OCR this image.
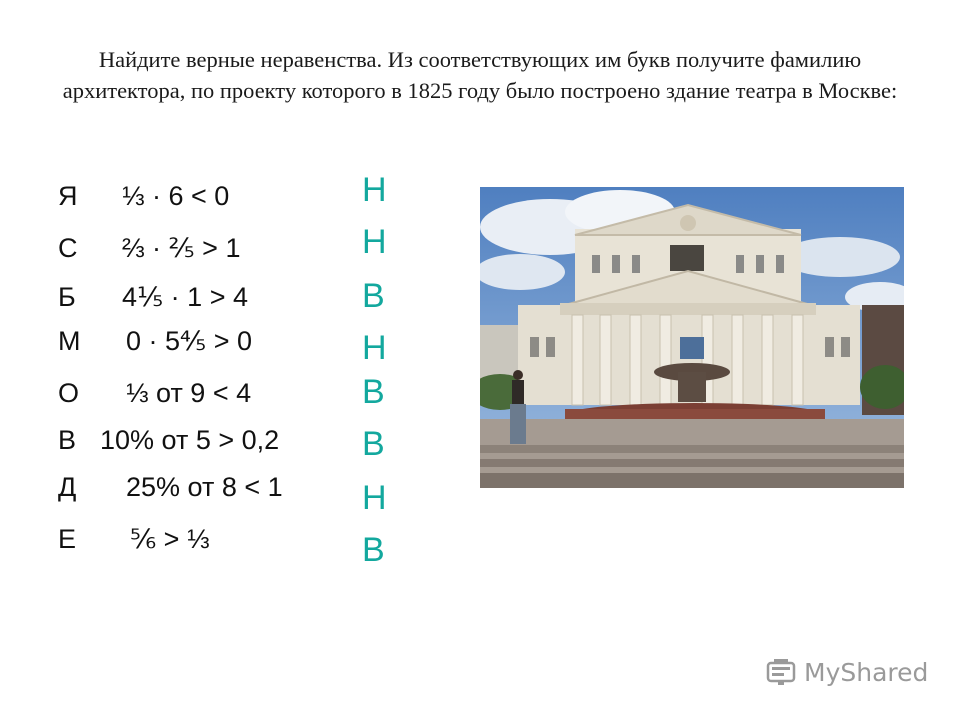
Найдите верные неравенства. Из соответствующих им букв получите фамилию архитектора, по проекту которого в 1825 году было построено здание театра в Москве:
Я ⅓ · 6 < 0
С ⅔ · ⅖ > 1
Б 4⅕ · 1 > 4
М 0 · 5⅘ > 0
О ⅓ от 9 < 4
В 10% от 5 > 0,2
Д 25% от 8 < 1
Е ⅚ > ⅓
Н
Н
В
Н
В
В
Н
В
MyShared
